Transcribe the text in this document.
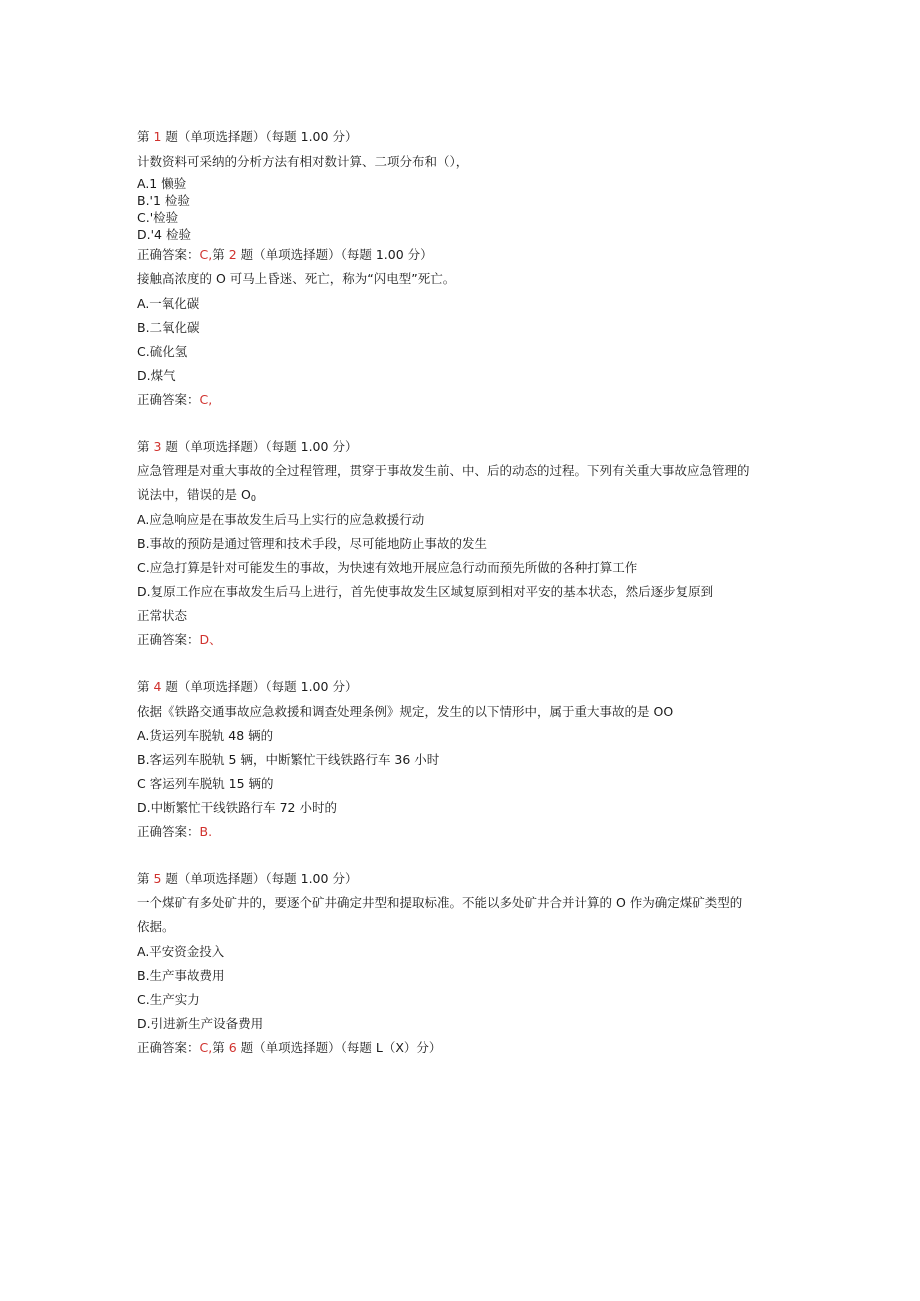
第 1 题（单项选择题）（每题 1.00 分）
计数资料可采纳的分析方法有相对数计算、二项分布和（），
A.1 懒验
B.'1 检验
C.'检验
D.'4 检验
正确答案：C,第 2 题（单项选择题）（每题 1.00 分）
接触高浓度的 O 可马上昏迷、死亡，称为“闪电型”死亡。
A.一氧化碳
B.二氧化碳
C.硫化氢
D.煤气
正确答案：C,
第 3 题（单项选择题）（每题 1.00 分）
应急管理是对重大事故的全过程管理，贯穿于事故发生前、中、后的动态的过程。下列有关重大事故应急管理的
说法中，错误的是 $O_0$
A.应急响应是在事故发生后马上实行的应急救援行动
B.事故的预防是通过管理和技术手段，尽可能地防止事故的发生
C.应急打算是针对可能发生的事故，为快速有效地开展应急行动而预先所做的各种打算工作
D.复原工作应在事故发生后马上进行，首先使事故发生区域复原到相对平安的基本状态，然后逐步复原到
正常状态
正确答案：D、
第 4 题（单项选择题）（每题 1.00 分）
依据《铁路交通事故应急救援和调查处理条例》规定，发生的以下情形中，属于重大事故的是 OO
A.货运列车脱轨 48 辆的
B.客运列车脱轨 5 辆，中断繁忙干线铁路行车 36 小时
C 客运列车脱轨 15 辆的
D.中断繁忙干线铁路行车 72 小时的
正确答案：B.
第 5 题（单项选择题）（每题 1.00 分）
一个煤矿有多处矿井的，要逐个矿井确定井型和提取标准。不能以多处矿井合并计算的 O 作为确定煤矿类型的
依据。
A.平安资金投入
B.生产事故费用
C.生产实力
D.引进新生产设备费用
正确答案：C,第 6 题（单项选择题）（每题 L（X）分）
